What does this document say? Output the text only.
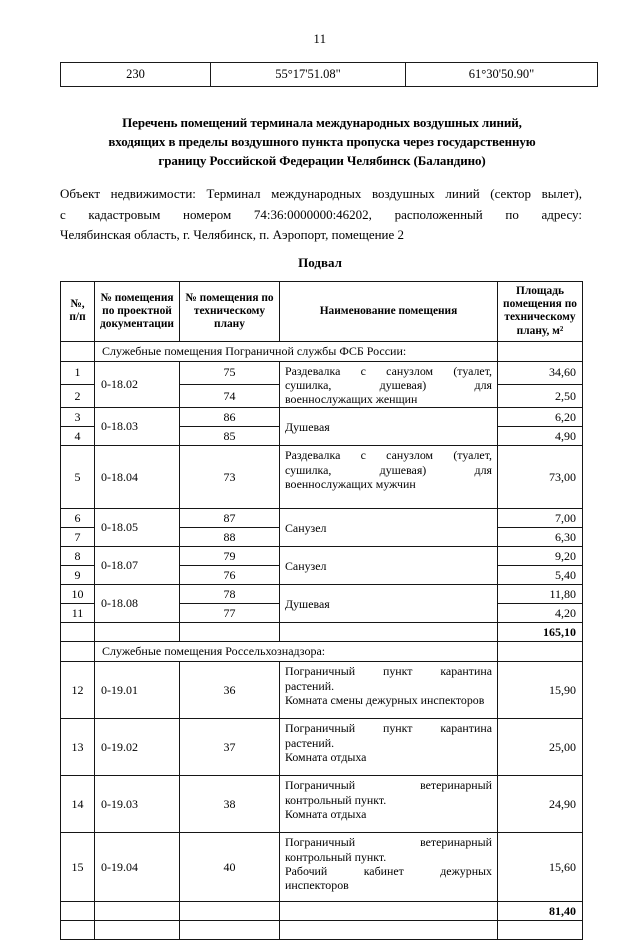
11
230	55°17'51.08"	61°30'50.90"
Перечень помещений терминала международных воздушных линий,
входящих в пределы воздушного пункта пропуска через государственную
границу Российской Федерации Челябинск (Баландино)
Объект недвижимости: Терминал международных воздушных линий (сектор вылет),
с кадастровым номером 74:36:0000000:46202, расположенный по адресу:
Челябинская область, г. Челябинск, п. Аэропорт, помещение 2
Подвал
№,
п/п	№ помещения по проектной документации	№ помещения по техническому плану	Наименование помещения	Площадь помещения по техническому плану, м²
	Служебные помещения Пограничной службы ФСБ России:			
1	0-18.02	75	Раздевалка с санузлом (туалет,
сушилка, душевая) для
военнослужащих женщин	34,60
2		74		2,50
3	0-18.03	86	Душевая	6,20
4		85		4,90
5	0-18.04	73	Раздевалка с санузлом (туалет,
сушилка, душевая) для
военнослужащих мужчин	73,00
6	0-18.05	87	Санузел	7,00
7		88		6,30
8	0-18.07	79	Санузел	9,20
9		76		5,40
10	0-18.08	78	Душевая	11,80
11		77		4,20
				165,10
	Служебные помещения Россельхознадзора:			
12	0-19.01	36	Пограничный пункт карантина
растений.
Комната смены дежурных инспекторов	15,90
13	0-19.02	37	Пограничный пункт карантина
растений.
Комната отдыха	25,00
14	0-19.03	38	Пограничный ветеринарный
контрольный пункт.
Комната отдыха	24,90
15	0-19.04	40	Пограничный ветеринарный
контрольный пункт.
Рабочий кабинет дежурных
инспекторов	15,60
				81,40
